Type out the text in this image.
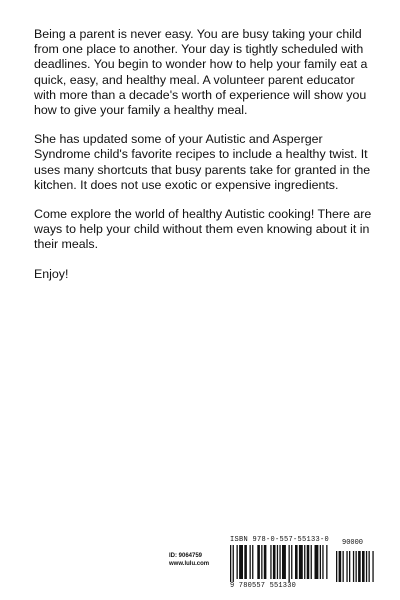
Being a parent is never easy. You are busy taking your child from one place to another. Your day is tightly scheduled with deadlines. You begin to wonder how to help your family eat a quick, easy, and healthy meal. A volunteer parent educator with more than a decade's worth of experience will show you how to give your family a healthy meal.

She has updated some of your Autistic and Asperger Syndrome child's favorite recipes to include a healthy twist. It uses many shortcuts that busy parents take for granted in the kitchen. It does not use exotic or expensive ingredients.

Come explore the world of healthy Autistic cooking! There are ways to help your child without them even knowing about it in their meals.

Enjoy!

ID: 9064759
www.lulu.com
ISBN 978-0-557-55133-0 90000
9 780557 551330
